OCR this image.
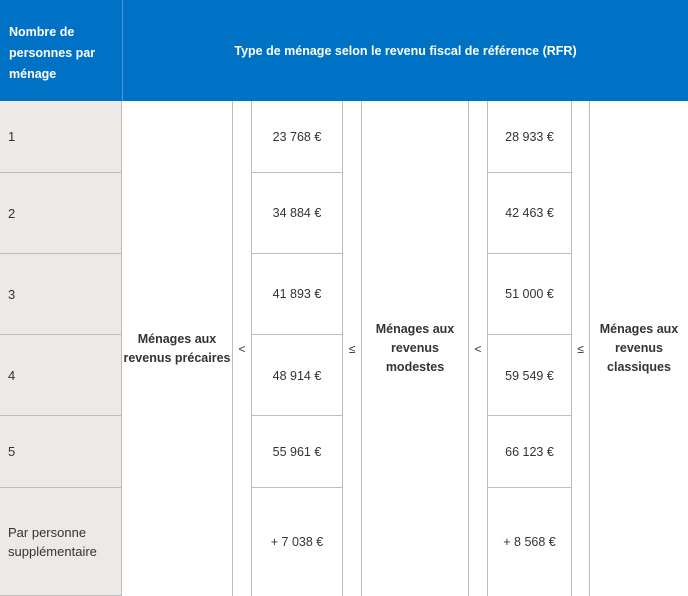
Nombre de personnes par ménage
Type de ménage selon le revenu fiscal de référence (RFR)
1
2
3
4
5
Par personne supplémentaire
Ménages aux revenus précaires
<
23 768 €
34 884 €
41 893 €
48 914 €
55 961 €
+ 7 038 €
≤
Ménages aux revenus modestes
<
28 933 €
42 463 €
51 000 €
59 549 €
66 123 €
+ 8 568 €
≤
Ménages aux revenus classiques
